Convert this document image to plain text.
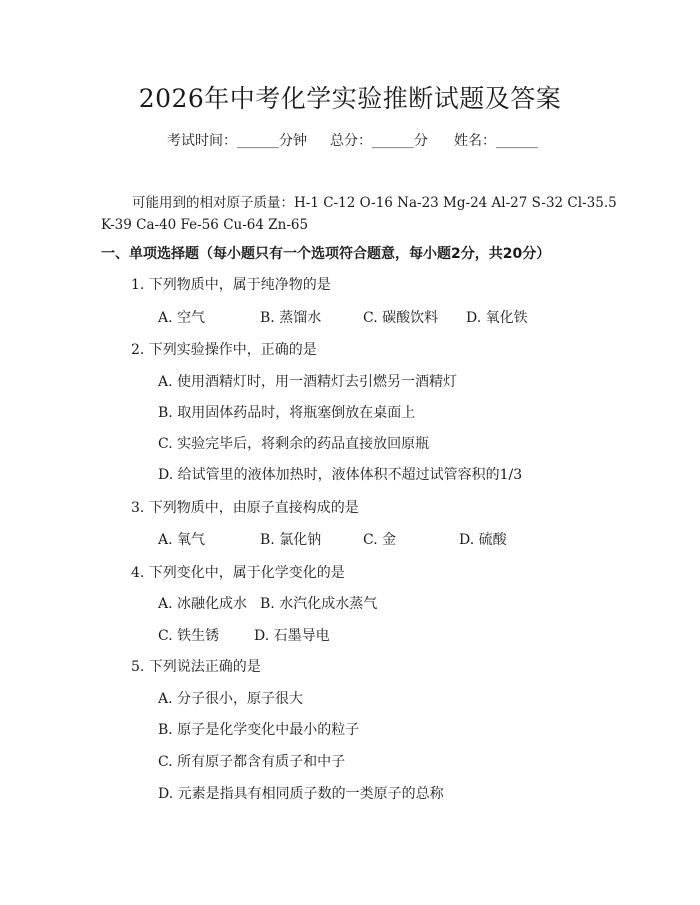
2026年中考化学实验推断试题及答案
考试时间：______分钟 总分：______分 姓名：______
可能用到的相对原子质量：H-1 C-12 O-16 Na-23 Mg-24 Al-27 S-32 Cl-35.5
K-39 Ca-40 Fe-56 Cu-64 Zn-65
一、单项选择题（每小题只有一个选项符合题意，每小题2分，共20分）
1. 下列物质中，属于纯净物的是
A. 空气	B. 蒸馏水	C. 碳酸饮料 D. 氧化铁
2. 下列实验操作中，正确的是
A. 使用酒精灯时，用一酒精灯去引燃另一酒精灯
B. 取用固体药品时，将瓶塞倒放在桌面上
C. 实验完毕后，将剩余的药品直接放回原瓶
D. 给试管里的液体加热时，液体体积不超过试管容积的1/3
3. 下列物质中，由原子直接构成的是
A. 氧气	B. 氯化钠	C. 金	D. 硫酸
4. 下列变化中，属于化学变化的是
A. 冰融化成水 B. 水汽化成水蒸气
C. 铁生锈 D. 石墨导电
5. 下列说法正确的是
A. 分子很小，原子很大
B. 原子是化学变化中最小的粒子
C. 所有原子都含有质子和中子
D. 元素是指具有相同质子数的一类原子的总称
